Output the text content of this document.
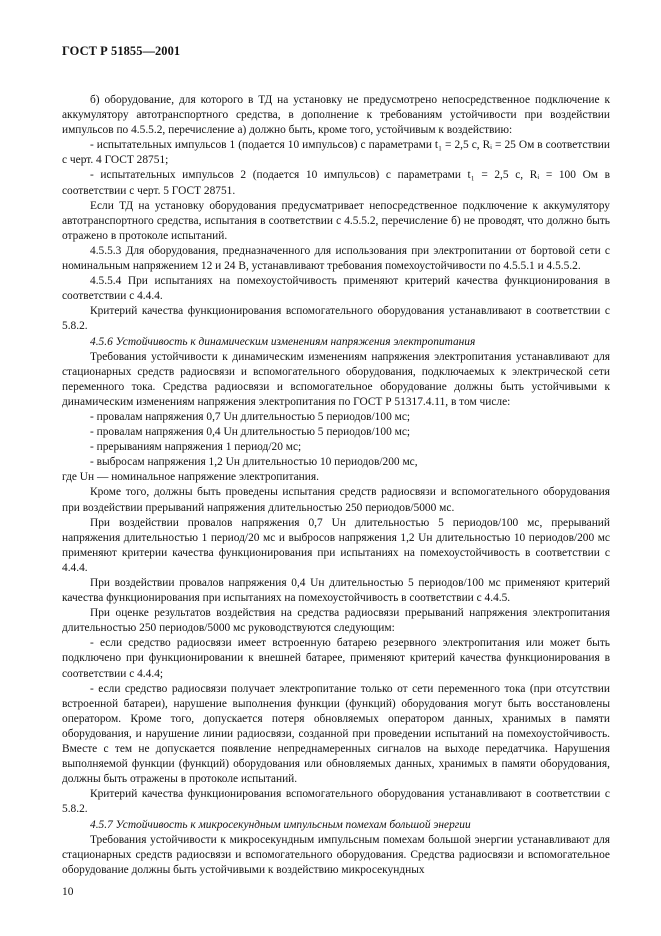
ГОСТ Р 51855—2001

б) оборудование, для которого в ТД на установку не предусмотрено непосредственное подключение к аккумулятору автотранспортного средства, в дополнение к требованиям устойчивости при воздействии импульсов по 4.5.5.2, перечисление а) должно быть, кроме того, устойчивым к воздействию:

- испытательных импульсов 1 (подается 10 импульсов) с параметрами t₁ = 2,5 с, Rᵢ = 25 Ом в соответствии с черт. 4 ГОСТ 28751;

- испытательных импульсов 2 (подается 10 импульсов) с параметрами t₁ = 2,5 с, Rᵢ = 100 Ом в соответствии с черт. 5 ГОСТ 28751.

Если ТД на установку оборудования предусматривает непосредственное подключение к аккумулятору автотранспортного средства, испытания в соответствии с 4.5.5.2, перечисление б) не проводят, что должно быть отражено в протоколе испытаний.

4.5.5.3 Для оборудования, предназначенного для использования при электропитании от бортовой сети с номинальным напряжением 12 и 24 В, устанавливают требования помехоустойчивости по 4.5.5.1 и 4.5.5.2.

4.5.5.4 При испытаниях на помехоустойчивость применяют критерий качества функционирования в соответствии с 4.4.4.

Критерий качества функционирования вспомогательного оборудования устанавливают в соответствии с 5.8.2.

4.5.6 Устойчивость к динамическим изменениям напряжения электропитания

Требования устойчивости к динамическим изменениям напряжения электропитания устанавливают для стационарных средств радиосвязи и вспомогательного оборудования, подключаемых к электрической сети переменного тока. Средства радиосвязи и вспомогательное оборудование должны быть устойчивыми к динамическим изменениям напряжения электропитания по ГОСТ Р 51317.4.11, в том числе:

- провалам напряжения 0,7 Uн длительностью 5 периодов/100 мс;

- провалам напряжения 0,4 Uн длительностью 5 периодов/100 мс;

- прерываниям напряжения 1 период/20 мс;

- выбросам напряжения 1,2 Uн длительностью 10 периодов/200 мс,

где Uн — номинальное напряжение электропитания.

Кроме того, должны быть проведены испытания средств радиосвязи и вспомогательного оборудования при воздействии прерываний напряжения длительностью 250 периодов/5000 мс.

При воздействии провалов напряжения 0,7 Uн длительностью 5 периодов/100 мс, прерываний напряжения длительностью 1 период/20 мс и выбросов напряжения 1,2 Uн длительностью 10 периодов/200 мс применяют критерии качества функционирования при испытаниях на помехоустойчивость в соответствии с 4.4.4.

При воздействии провалов напряжения 0,4 Uн длительностью 5 периодов/100 мс применяют критерий качества функционирования при испытаниях на помехоустойчивость в соответствии с 4.4.5.

При оценке результатов воздействия на средства радиосвязи прерываний напряжения электропитания длительностью 250 периодов/5000 мс руководствуются следующим:

- если средство радиосвязи имеет встроенную батарею резервного электропитания или может быть подключено при функционировании к внешней батарее, применяют критерий качества функционирования в соответствии с 4.4.4;

- если средство радиосвязи получает электропитание только от сети переменного тока (при отсутствии встроенной батареи), нарушение выполнения функции (функций) оборудования могут быть восстановлены оператором. Кроме того, допускается потеря обновляемых оператором данных, хранимых в памяти оборудования, и нарушение линии радиосвязи, созданной при проведении испытаний на помехоустойчивость. Вместе с тем не допускается появление непреднамеренных сигналов на выходе передатчика. Нарушения выполняемой функции (функций) оборудования или обновляемых данных, хранимых в памяти оборудования, должны быть отражены в протоколе испытаний.

Критерий качества функционирования вспомогательного оборудования устанавливают в соответствии с 5.8.2.

4.5.7 Устойчивость к микросекундным импульсным помехам большой энергии

Требования устойчивости к микросекундным импульсным помехам большой энергии устанавливают для стационарных средств радиосвязи и вспомогательного оборудования. Средства радиосвязи и вспомогательное оборудование должны быть устойчивыми к воздействию микросекундных

10
